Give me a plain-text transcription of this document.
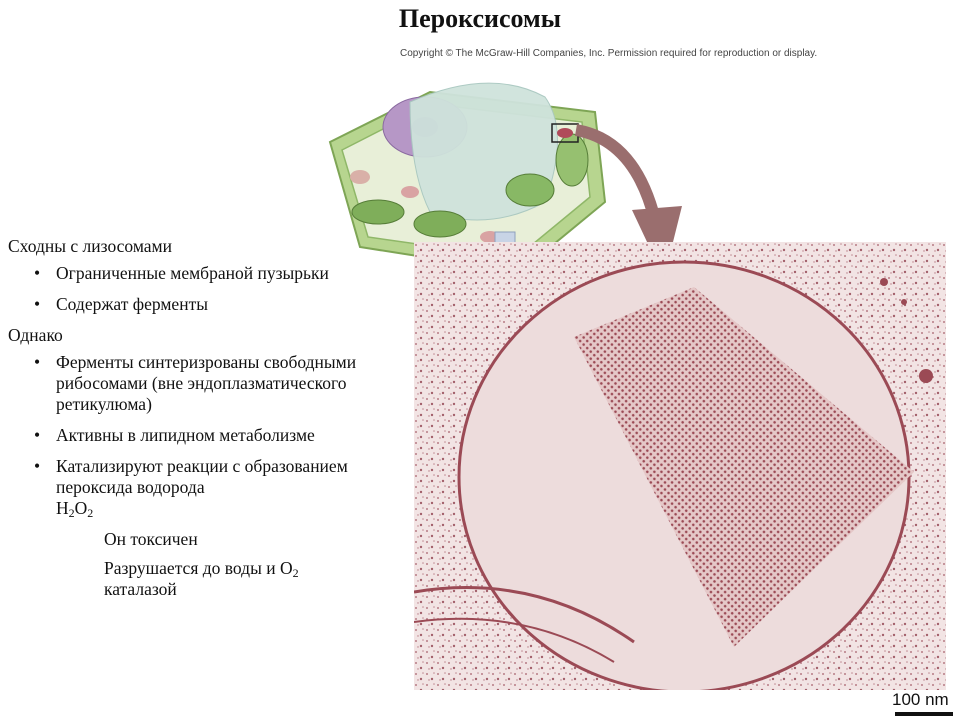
Пероксисомы
Copyright © The McGraw-Hill Companies, Inc. Permission required for reproduction or display.
100 nm

Сходны с лизосомами

• Ограниченные мембраной пузырьки

• Содержат ферменты

Однако

• Ферменты синтеризрованы свободными рибосомами (вне эндоплазматического ретикулюма)

• Активны в липидном метаболизме

• Катализируют реакции с образованием пероксида водорода
$H_2O_2$

Он токсичен

Разрушается до воды и $O_2$
каталазой
